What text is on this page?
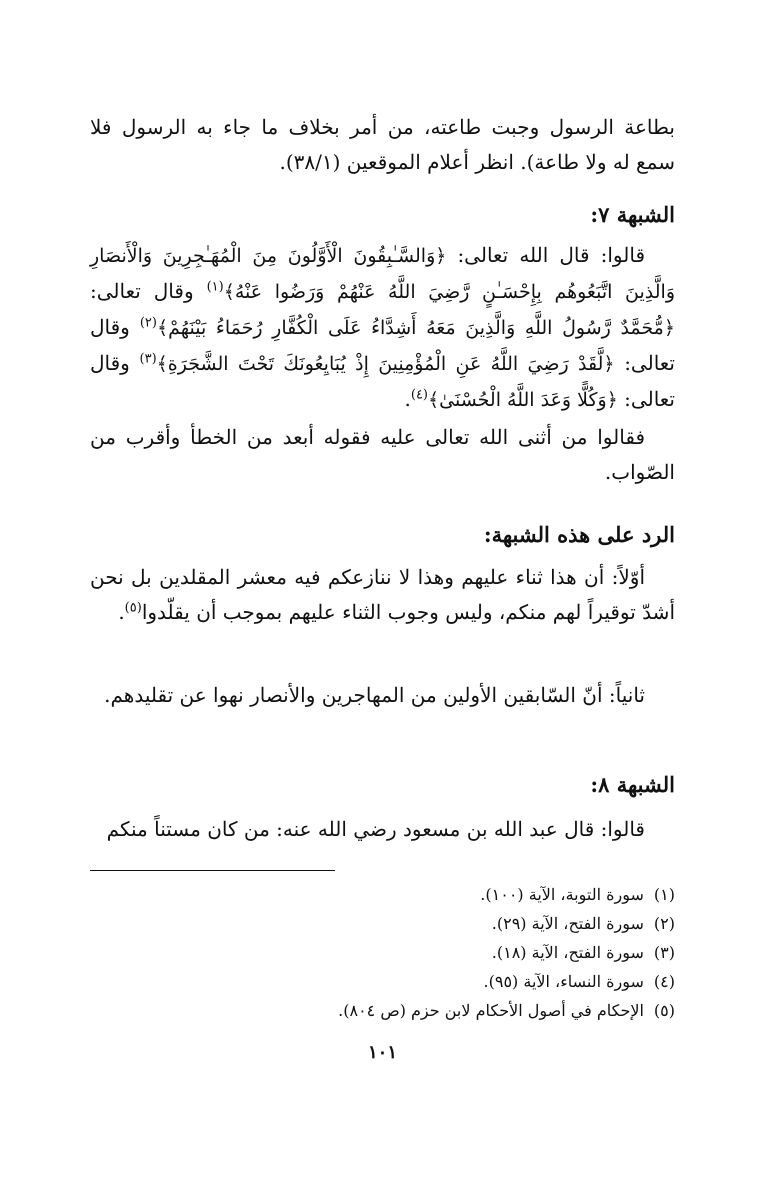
بطاعة الرسول وجبت طاعته، من أمر بخلاف ما جاء به الرسول فلا سمع له ولا طاعة). انظر أعلام الموقعين (٣٨/١).

الشبهة ٧:

قالوا: قال الله تعالى: ﴿وَالسَّـٰبِقُونَ الْأَوَّلُونَ مِنَ الْمُهَـٰجِرِينَ وَالْأَنصَارِ وَالَّذِينَ اتَّبَعُوهُم بِإِحْسَـٰنٍ رَّضِيَ اللَّهُ عَنْهُمْ وَرَضُوا عَنْهُ﴾$^{(١)}$ وقال تعالى: ﴿مُّحَمَّدٌ رَّسُولُ اللَّهِ وَالَّذِينَ مَعَهُ أَشِدَّاءُ عَلَى الْكُفَّارِ رُحَمَاءُ بَيْنَهُمْ﴾$^{(٢)}$ وقال تعالى: ﴿لَّقَدْ رَضِيَ اللَّهُ عَنِ الْمُؤْمِنِينَ إِذْ يُبَايِعُونَكَ تَحْتَ الشَّجَرَةِ﴾$^{(٣)}$ وقال تعالى: ﴿وَكُلًّا وَعَدَ اللَّهُ الْحُسْنَىٰ﴾$^{(٤)}$.

فقالوا من أثنى الله تعالى عليه فقوله أبعد من الخطأ وأقرب من الصّواب.

الرد على هذه الشبهة:

أوّلاً: أن هذا ثناء عليهم وهذا لا ننازعكم فيه معشر المقلدين بل نحن أشدّ توقيراً لهم منكم، وليس وجوب الثناء عليهم بموجب أن يقلّدوا$^{(٥)}$.

ثانياً: أنّ السّابقين الأولين من المهاجرين والأنصار نهوا عن تقليدهم.

الشبهة ٨:

قالوا: قال عبد الله بن مسعود رضي الله عنه: من كان مستناً منكم

(١) سورة التوبة، الآية (١٠٠).
(٢) سورة الفتح، الآية (٢٩).
(٣) سورة الفتح، الآية (١٨).
(٤) سورة النساء، الآية (٩٥).
(٥) الإحكام في أصول الأحكام لابن حزم (ص ٨٠٤).
١٠١
